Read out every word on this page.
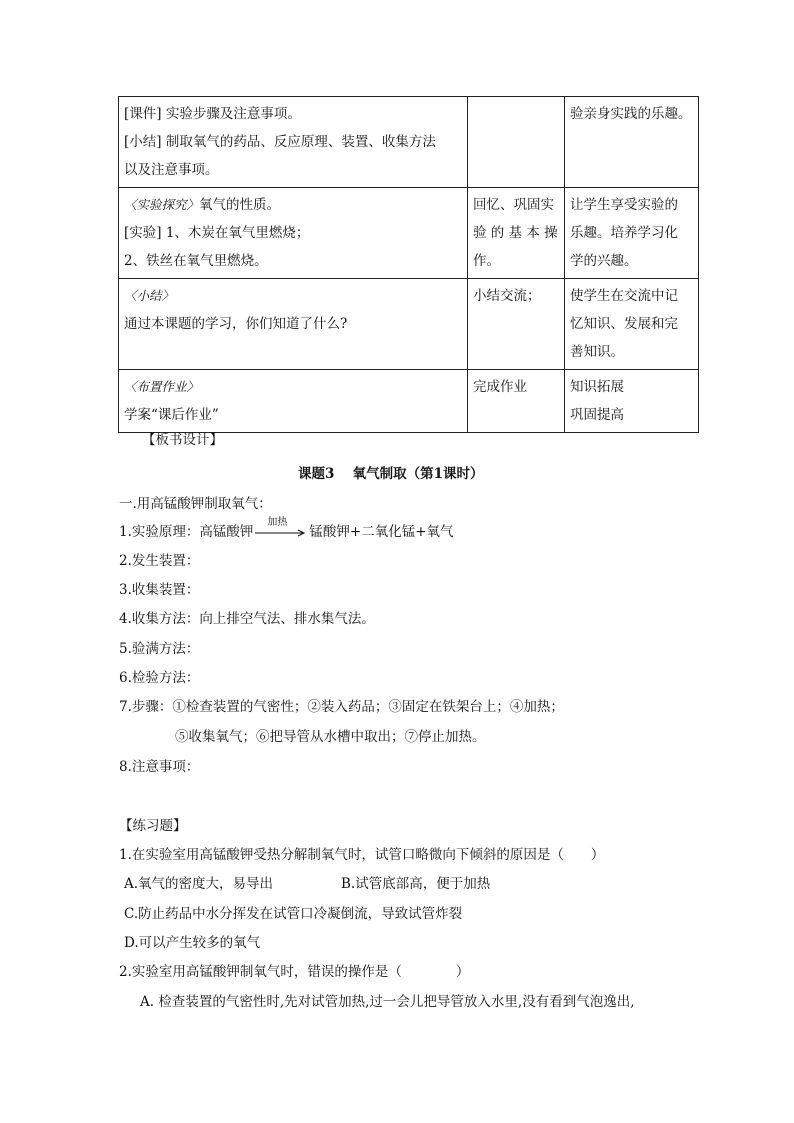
[课件] 实验步骤及注意事项。
[小结] 制取氧气的药品、反应原理、装置、收集方法
以及注意事项。		验亲身实践的乐趣。

〈实验探究〉氧气的性质。
[实验] 1、木炭在氧气里燃烧；
2、铁丝在氧气里燃烧。	回忆、巩固实
验 的 基 本 操
作。	让学生享受实验的
乐趣。培养学习化
学的兴趣。

〈小结〉
通过本课题的学习，你们知道了什么?	小结交流；	使学生在交流中记
忆知识、发展和完
善知识。

〈布置作业〉
学案“课后作业”	完成作业	知识拓展
巩固提高
【板书设计】
课题3　 氧气制取（第1课时）
一.用高锰酸钾制取氧气：
1.实验原理：高锰酸钾
加热
锰酸钾+二氧化锰+氧气
2.发生装置：
3.收集装置：
4.收集方法：向上排空气法、排水集气法。
5.验满方法：
6.检验方法：
7.步骤：①检查装置的气密性；②装入药品；③固定在铁架台上；④加热；
⑤收集氧气；⑥把导管从水槽中取出；⑦停止加热。
8.注意事项：
【练习题】
1.在实验室用高锰酸钾受热分解制氧气时，试管口略微向下倾斜的原因是（　　）
A.氧气的密度大，易导出	B.试管底部高，便于加热
C.防止药品中水分挥发在试管口冷凝倒流，导致试管炸裂
D.可以产生较多的氧气
2.实验室用高锰酸钾制氧气时，错误的操作是（　　　　）
A. 检查装置的气密性时,先对试管加热,过一会儿把导管放入水里,没有看到气泡逸出,
